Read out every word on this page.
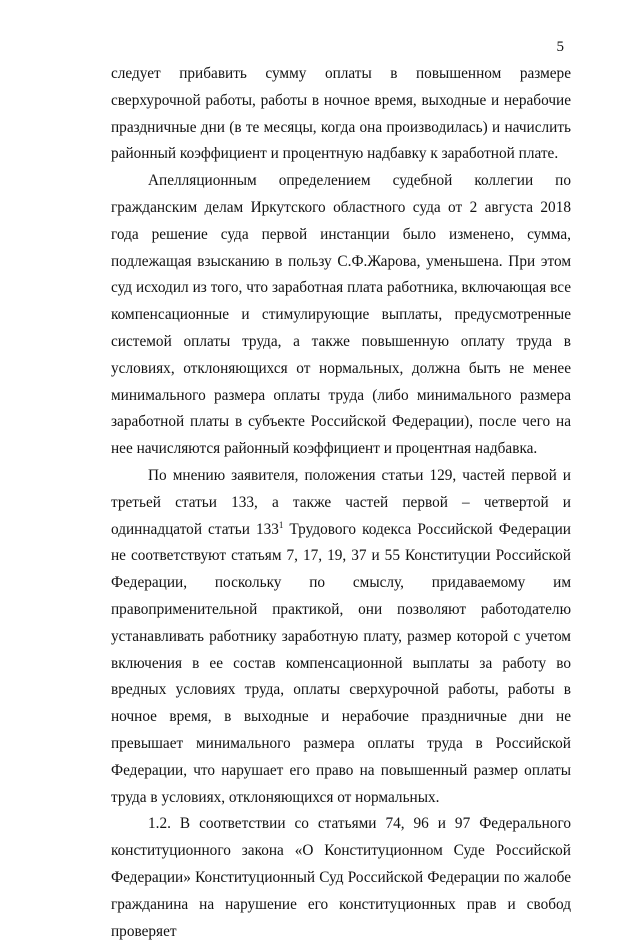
5

следует прибавить сумму оплаты в повышенном размере сверхурочной работы, работы в ночное время, выходные и нерабочие праздничные дни (в те месяцы, когда она производилась) и начислить районный коэффициент и процентную надбавку к заработной плате.

Апелляционным определением судебной коллегии по гражданским делам Иркутского областного суда от 2 августа 2018 года решение суда первой инстанции было изменено, сумма, подлежащая взысканию в пользу С.Ф.Жарова, уменьшена. При этом суд исходил из того, что заработная плата работника, включающая все компенсационные и стимулирующие выплаты, предусмотренные системой оплаты труда, а также повышенную оплату труда в условиях, отклоняющихся от нормальных, должна быть не менее минимального размера оплаты труда (либо минимального размера заработной платы в субъекте Российской Федерации), после чего на нее начисляются районный коэффициент и процентная надбавка.

По мнению заявителя, положения статьи 129, частей первой и третьей статьи 133, а также частей первой – четвертой и одиннадцатой статьи $133^1$ Трудового кодекса Российской Федерации не соответствуют статьям 7, 17, 19, 37 и 55 Конституции Российской Федерации, поскольку по смыслу, придаваемому им правоприменительной практикой, они позволяют работодателю устанавливать работнику заработную плату, размер которой с учетом включения в ее состав компенсационной выплаты за работу во вредных условиях труда, оплаты сверхурочной работы, работы в ночное время, в выходные и нерабочие праздничные дни не превышает минимального размера оплаты труда в Российской Федерации, что нарушает его право на повышенный размер оплаты труда в условиях, отклоняющихся от нормальных.

1.2. В соответствии со статьями 74, 96 и 97 Федерального конституционного закона «О Конституционном Суде Российской Федерации» Конституционный Суд Российской Федерации по жалобе гражданина на нарушение его конституционных прав и свобод проверяет
